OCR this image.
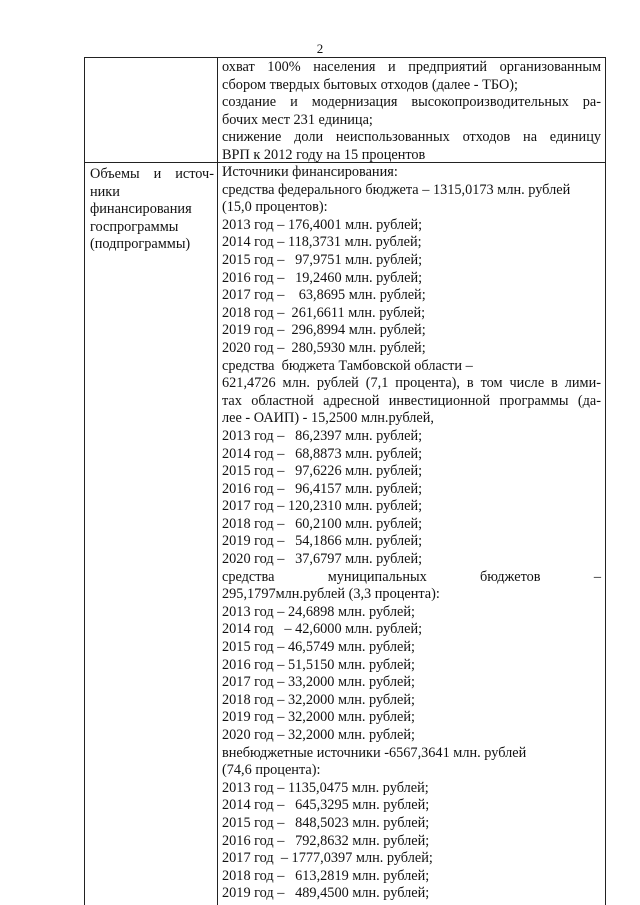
2
охват 100% населения и предприятий организованным
сбором твердых бытовых отходов (далее - ТБО);
создание и модернизация высокопроизводительных ра-
бочих мест 231 единица;
снижение доли неиспользованных отходов на единицу
ВРП к 2012 году на 15 процентов
Объемы и источ-
ники
финансирования
госпрограммы
(подпрограммы)
Источники финансирования:
средства федерального бюджета – 1315,0173 млн. рублей
(15,0 процентов):
2013 год – 176,4001 млн. рублей;
2014 год – 118,3731 млн. рублей;
2015 год –   97,9751 млн. рублей;
2016 год –   19,2460 млн. рублей;
2017 год –    63,8695 млн. рублей;
2018 год –  261,6611 млн. рублей;
2019 год –  296,8994 млн. рублей;
2020 год –  280,5930 млн. рублей;
средства  бюджета Тамбовской области –
621,4726 млн. рублей (7,1 процента), в том числе в лими-
тах областной адресной инвестиционной программы (да-
лее - ОАИП) - 15,2500 млн.рублей,
2013 год –   86,2397 млн. рублей;
2014 год –   68,8873 млн. рублей;
2015 год –   97,6226 млн. рублей;
2016 год –   96,4157 млн. рублей;
2017 год – 120,2310 млн. рублей;
2018 год –   60,2100 млн. рублей;
2019 год –   54,1866 млн. рублей;
2020 год –   37,6797 млн. рублей;
средства муниципальных бюджетов –
295,1797млн.рублей (3,3 процента):
2013 год – 24,6898 млн. рублей;
2014 год   – 42,6000 млн. рублей;
2015 год – 46,5749 млн. рублей;
2016 год – 51,5150 млн. рублей;
2017 год – 33,2000 млн. рублей;
2018 год – 32,2000 млн. рублей;
2019 год – 32,2000 млн. рублей;
2020 год – 32,2000 млн. рублей;
внебюджетные источники -6567,3641 млн. рублей
(74,6 процента):
2013 год – 1135,0475 млн. рублей;
2014 год –   645,3295 млн. рублей;
2015 год –   848,5023 млн. рублей;
2016 год –   792,8632 млн. рублей;
2017 год  – 1777,0397 млн. рублей;
2018 год –   613,2819 млн. рублей;
2019 год –   489,4500 млн. рублей;
